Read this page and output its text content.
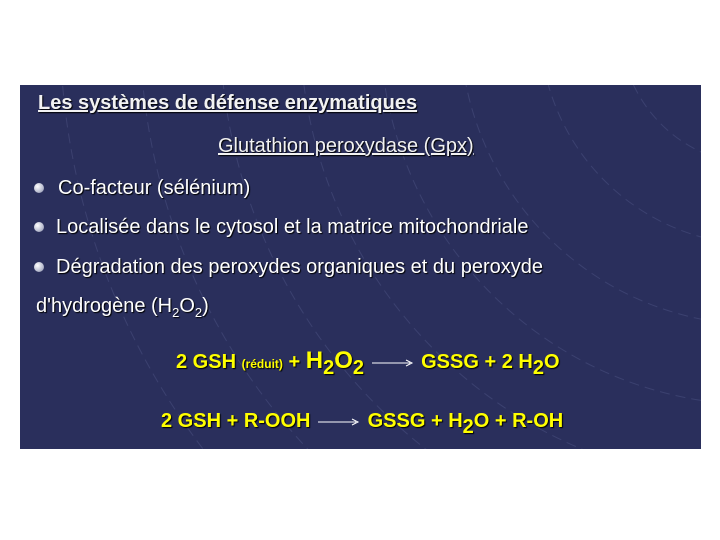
Les systèmes de défense enzymatiques
Glutathion peroxydase (Gpx)
Co-facteur (sélénium)
Localisée dans le cytosol et la matrice mitochondriale
Dégradation des peroxydes organiques et du peroxyde
d'hydrogène $(H_2O_2)$
2 GSH (réduit) + $H_2O_2$ → GSSG + 2 $H_2O$
2 GSH + R-OOH → GSSG + $H_2O + R-OH$
